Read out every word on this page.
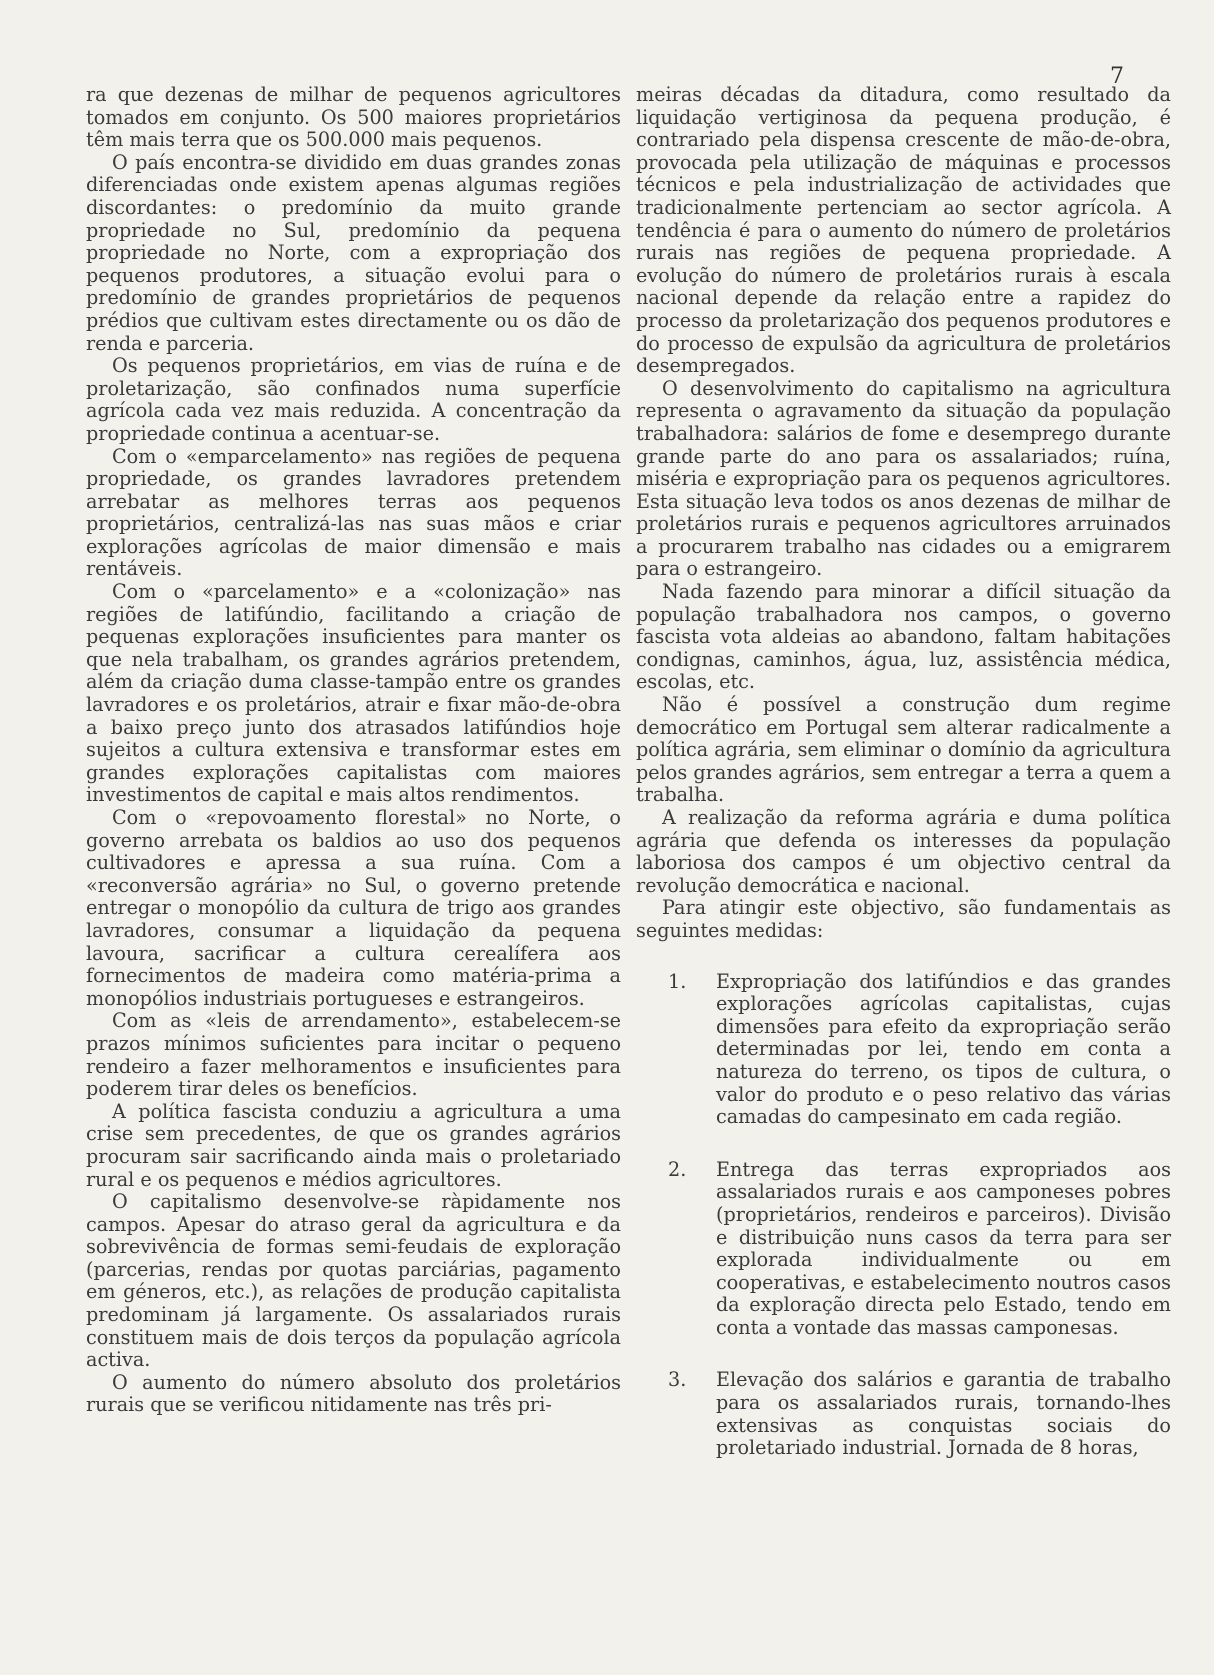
7

ra que dezenas de milhar de pequenos agricultores tomados em conjunto. Os 500 maiores proprietários têm mais terra que os 500.000 mais pequenos.

O país encontra-se dividido em duas grandes zonas diferenciadas onde existem apenas algumas regiões discordantes: o predomínio da muito grande propriedade no Sul, predomínio da pequena propriedade no Norte, com a expropriação dos pequenos produtores, a situação evolui para o predomínio de grandes proprietários de pequenos prédios que cultivam estes directamente ou os dão de renda e parceria.

Os pequenos proprietários, em vias de ruína e de proletarização, são confinados numa superfície agrícola cada vez mais reduzida. A concentração da propriedade continua a acentuar-se.

Com o «emparcelamento» nas regiões de pequena propriedade, os grandes lavradores pretendem arrebatar as melhores terras aos pequenos proprietários, centralizá-las nas suas mãos e criar explorações agrícolas de maior dimensão e mais rentáveis.

Com o «parcelamento» e a «colonização» nas regiões de latifúndio, facilitando a criação de pequenas explorações insuficientes para manter os que nela trabalham, os grandes agrários pretendem, além da criação duma classe-tampão entre os grandes lavradores e os proletários, atrair e fixar mão-de-obra a baixo preço junto dos atrasados latifúndios hoje sujeitos a cultura extensiva e transformar estes em grandes explorações capitalistas com maiores investimentos de capital e mais altos rendimentos.

Com o «repovoamento florestal» no Norte, o governo arrebata os baldios ao uso dos pequenos cultivadores e apressa a sua ruína. Com a «reconversão agrária» no Sul, o governo pretende entregar o monopólio da cultura de trigo aos grandes lavradores, consumar a liquidação da pequena lavoura, sacrificar a cultura cerealífera aos fornecimentos de madeira como matéria-prima a monopólios industriais portugueses e estrangeiros.

Com as «leis de arrendamento», estabelecem-se prazos mínimos suficientes para incitar o pequeno rendeiro a fazer melhoramentos e insuficientes para poderem tirar deles os benefícios.

A política fascista conduziu a agricultura a uma crise sem precedentes, de que os grandes agrários procuram sair sacrificando ainda mais o proletariado rural e os pequenos e médios agricultores.

O capitalismo desenvolve-se ràpidamente nos campos. Apesar do atraso geral da agricultura e da sobrevivência de formas semi-feudais de exploração (parcerias, rendas por quotas parciárias, pagamento em géneros, etc.), as relações de produção capitalista predominam já largamente. Os assalariados rurais constituem mais de dois terços da população agrícola activa.

O aumento do número absoluto dos proletários rurais que se verificou nitidamente nas três pri-

meiras décadas da ditadura, como resultado da liquidação vertiginosa da pequena produção, é contrariado pela dispensa crescente de mão-de-obra, provocada pela utilização de máquinas e processos técnicos e pela industrialização de actividades que tradicionalmente pertenciam ao sector agrícola. A tendência é para o aumento do número de proletários rurais nas regiões de pequena propriedade. A evolução do número de proletários rurais à escala nacional depende da relação entre a rapidez do processo da proletarização dos pequenos produtores e do processo de expulsão da agricultura de proletários desempregados.

O desenvolvimento do capitalismo na agricultura representa o agravamento da situação da população trabalhadora: salários de fome e desemprego durante grande parte do ano para os assalariados; ruína, miséria e expropriação para os pequenos agricultores. Esta situação leva todos os anos dezenas de milhar de proletários rurais e pequenos agricultores arruinados a procurarem trabalho nas cidades ou a emigrarem para o estrangeiro.

Nada fazendo para minorar a difícil situação da população trabalhadora nos campos, o governo fascista vota aldeias ao abandono, faltam habitações condignas, caminhos, água, luz, assistência médica, escolas, etc.

Não é possível a construção dum regime democrático em Portugal sem alterar radicalmente a política agrária, sem eliminar o domínio da agricultura pelos grandes agrários, sem entregar a terra a quem a trabalha.

A realização da reforma agrária e duma política agrária que defenda os interesses da população laboriosa dos campos é um objectivo central da revolução democrática e nacional.

Para atingir este objectivo, são fundamentais as seguintes medidas:

1.	Expropriação dos latifúndios e das grandes explorações agrícolas capitalistas, cujas dimensões para efeito da expropriação serão determinadas por lei, tendo em conta a natureza do terreno, os tipos de cultura, o valor do produto e o peso relativo das várias camadas do campesinato em cada região.
2.	Entrega das terras expropriados aos assalariados rurais e aos camponeses pobres (proprietários, rendeiros e parceiros). Divisão e distribuição nuns casos da terra para ser explorada individualmente ou em cooperativas, e estabelecimento noutros casos da exploração directa pelo Estado, tendo em conta a vontade das massas camponesas.
3.	Elevação dos salários e garantia de trabalho para os assalariados rurais, tornando-lhes extensivas as conquistas sociais do proletariado industrial. Jornada de 8 horas,
